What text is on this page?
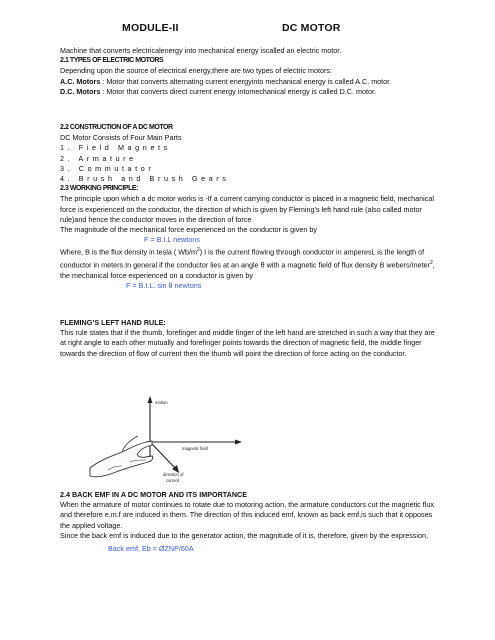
MODULE-II	DC MOTOR

Machine that converts electricalenergy into mechanical energy iscalled an electric motor.

2.1 TYPES OF ELECTRIC MOTORS

Depending upon the source of electrical energy,there are two types of electric motors:

A.C. Motors : Motor that converts alternating current energyinto mechanical energy is called A.C. motor.

D.C. Motors : Motor that converts direct current energy intomechanical energy is called D.C. motor.

2.2 CONSTRUCTION OF A DC MOTOR

DC Motor Consists of Four Main Parts

1. Field Magnets

2. Armature

3. Commutator

4. Brush and Brush Gears

2.3 WORKING PRINCIPLE:

The principle upon which a dc motor works is -If a current carrying conductor is placed in a magnetic field, mechanical force is experienced on the conductor, the direction of which is given by Fleming’s left hand rule (also called motor rule)and hence the conductor moves in the direction of force

The magnitude of the mechanical force experienced on the conductor is given by

F = B.I.L newtons

Where, B is the flux density in tesla ( $Wb/m^2$) I is the current flowing through conductor in amperesL is the length of conductor in meters.In general if the conductor lies at an angle θ with a magnetic field of flux density B webers/meter$^2$, the mechanical force experienced on a conductor is given by

F = B.I.L. sin θ newtons

FLEMING’S LEFT HAND RULE:

This rule states that if the thumb, forefinger and middle finger of the left hand are stretched in such a way that they are at right angle to each other mutually and forefinger points towards the direction of magnetic field, the middle finger towards the direction of flow of current then the thumb will point the direction of force acting on the conductor.

motion
magnetic field
direction of
current

2.4 BACK EMF IN A DC MOTOR AND ITS IMPORTANCE

When the armature of motor continues to rotate due to motoring action, the armature conductors cut the magnetic flux and therefore e.m.f are induced in them. The direction of this induced emf, known as back emf,is such that it opposes the applied voltage.

Since the back emf is induced due to the generator action, the magnitude of it is, therefore, given by the expression,

Back emf, Eb = ØZNP/60A
